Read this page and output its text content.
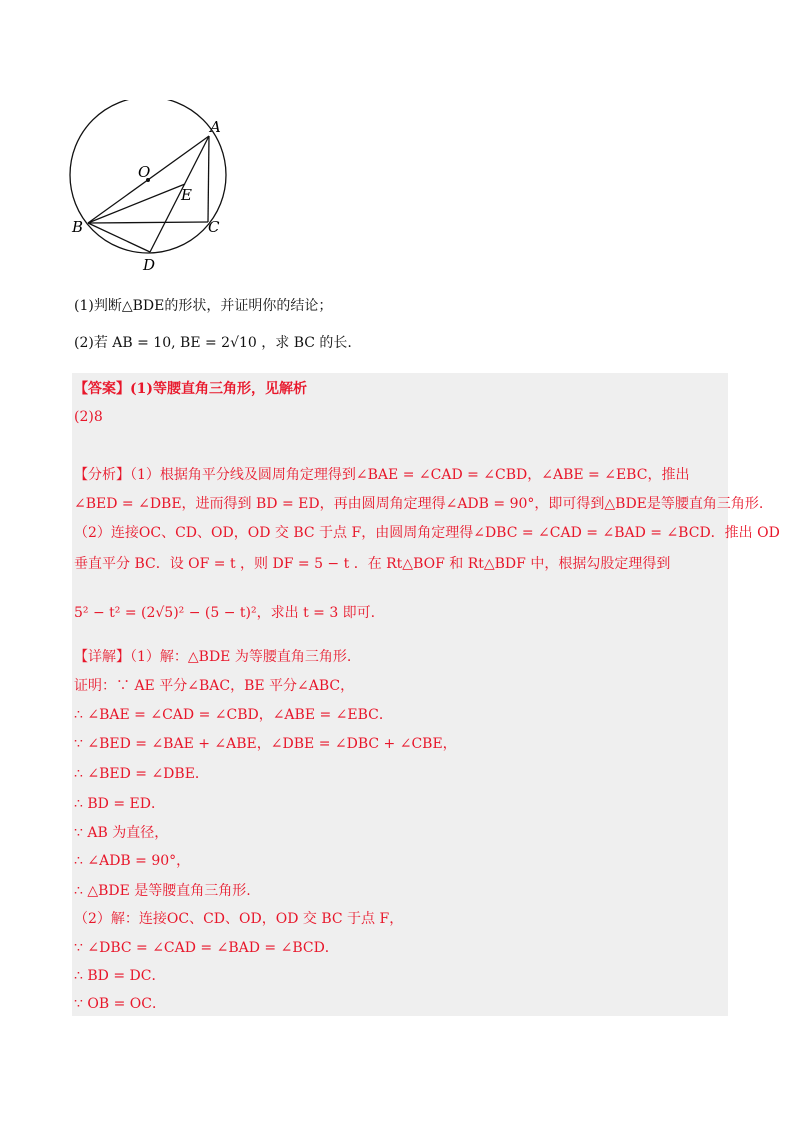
A
O
E
B	C
D
(1)判断△BDE的形状，并证明你的结论；
(2)若 AB = 10, BE = 2√10 ，求 BC 的长.
【答案】(1)等腰直角三角形，见解析
(2)8
【分析】（1）根据角平分线及圆周角定理得到∠BAE = ∠CAD = ∠CBD，∠ABE = ∠EBC，推出
∠BED = ∠DBE，进而得到 BD = ED，再由圆周角定理得∠ADB = 90°，即可得到△BDE是等腰直角三角形.
（2）连接OC、CD、OD，OD 交 BC 于点 F，由圆周角定理得∠DBC = ∠CAD = ∠BAD = ∠BCD．推出 OD
垂直平分 BC．设 OF = t ，则 DF = 5 − t ．在 Rt△BOF 和 Rt△BDF 中，根据勾股定理得到
5² − t² = (2√5)² − (5 − t)²，求出 t = 3 即可.
【详解】（1）解：△BDE 为等腰直角三角形.
证明：∵ AE 平分∠BAC，BE 平分∠ABC，
∴ ∠BAE = ∠CAD = ∠CBD，∠ABE = ∠EBC．
∵ ∠BED = ∠BAE + ∠ABE，∠DBE = ∠DBC + ∠CBE，
∴ ∠BED = ∠DBE．
∴ BD = ED．
∵ AB 为直径，
∴ ∠ADB = 90°，
∴ △BDE 是等腰直角三角形.
（2）解：连接OC、CD、OD，OD 交 BC 于点 F，
∵ ∠DBC = ∠CAD = ∠BAD = ∠BCD．
∴ BD = DC．
∵ OB = OC．
